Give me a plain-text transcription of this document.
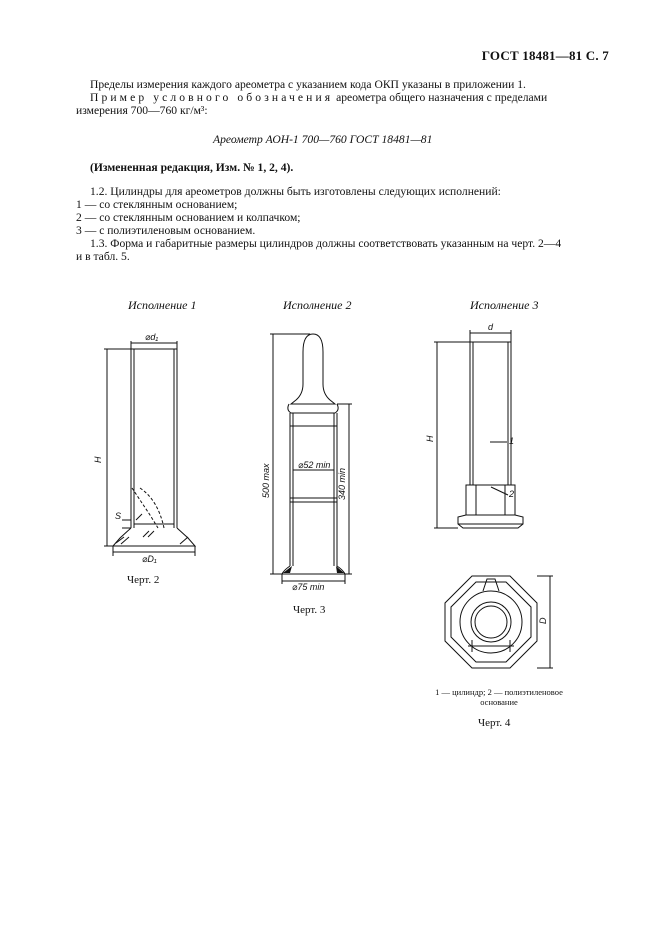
ГОСТ 18481—81 С. 7
Пределы измерения каждого ареометра с указанием кода ОКП указаны в приложении 1.
Пример условного обозначения ареометра общего назначения с пределами
измерения 700—760 кг/м³:
Ареометр АОН-1 700—760 ГОСТ 18481—81
(Измененная редакция, Изм. № 1, 2, 4).
1.2. Цилиндры для ареометров должны быть изготовлены следующих исполнений:
1 — со стеклянным основанием;
2 — со стеклянным основанием и колпачком;
3 — с полиэтиленовым основанием.
1.3. Форма и габаритные размеры цилиндров должны соответствовать указанным на черт. 2—4
и в табл. 5.
Исполнение 1	Исполнение 2	Исполнение 3
⌀d₁
H
S
⌀D₁
⌀52 min
⌀75 min
500 max	340 min
d
H	1
2
D
Черт. 2
Черт. 3
1 — цилиндр; 2 — полиэтиленовое
основание
Черт. 4
